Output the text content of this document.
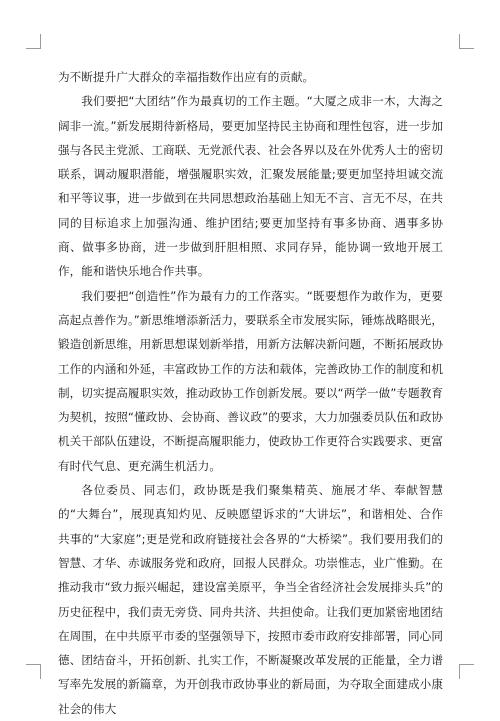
为不断提升广大群众的幸福指数作出应有的贡献。

我们要把“大团结”作为最真切的工作主题。“大厦之成非一木，大海之阔非一流。”新发展期待新格局，要更加坚持民主协商和理性包容，进一步加强与各民主党派、工商联、无党派代表、社会各界以及在外优秀人士的密切联系，调动履职潜能，增强履职实效，汇聚发展能量;要更加坚持坦诚交流和平等议事，进一步做到在共同思想政治基础上知无不言、言无不尽，在共同的目标追求上加强沟通、维护团结;要更加坚持有事多协商、遇事多协商、做事多协商，进一步做到肝胆相照、求同存异，能协调一致地开展工作，能和谐快乐地合作共事。

我们要把“创造性”作为最有力的工作落实。“既要想作为敢作为，更要高起点善作为。”新思维增添新活力，要联系全市发展实际，锤炼战略眼光，锻造创新思维，用新思想谋划新举措，用新方法解决新问题，不断拓展政协工作的内涵和外延，丰富政协工作的方法和载体，完善政协工作的制度和机制，切实提高履职实效，推动政协工作创新发展。要以“两学一做”专题教育为契机，按照“懂政协、会协商、善议政”的要求，大力加强委员队伍和政协机关干部队伍建设，不断提高履职能力，使政协工作更符合实践要求、更富有时代气息、更充满生机活力。

各位委员、同志们，政协既是我们聚集精英、施展才华、奉献智慧的“大舞台”，展现真知灼见、反映愿望诉求的“大讲坛”，和谐相处、合作共事的“大家庭”;更是党和政府链接社会各界的“大桥梁”。我们要用我们的智慧、才华、赤诚服务党和政府，回报人民群众。功崇惟志，业广惟勤。在推动我市“致力振兴崛起，建设富美原平，争当全省经济社会发展排头兵”的历史征程中，我们责无旁贷、同舟共济、共担使命。让我们更加紧密地团结在周围，在中共原平市委的坚强领导下，按照市委市政府安排部署，同心同德、团结奋斗，开拓创新、扎实工作，不断凝聚改革发展的正能量，全力谱写率先发展的新篇章，为开创我市政协事业的新局面，为夺取全面建成小康社会的伟大
